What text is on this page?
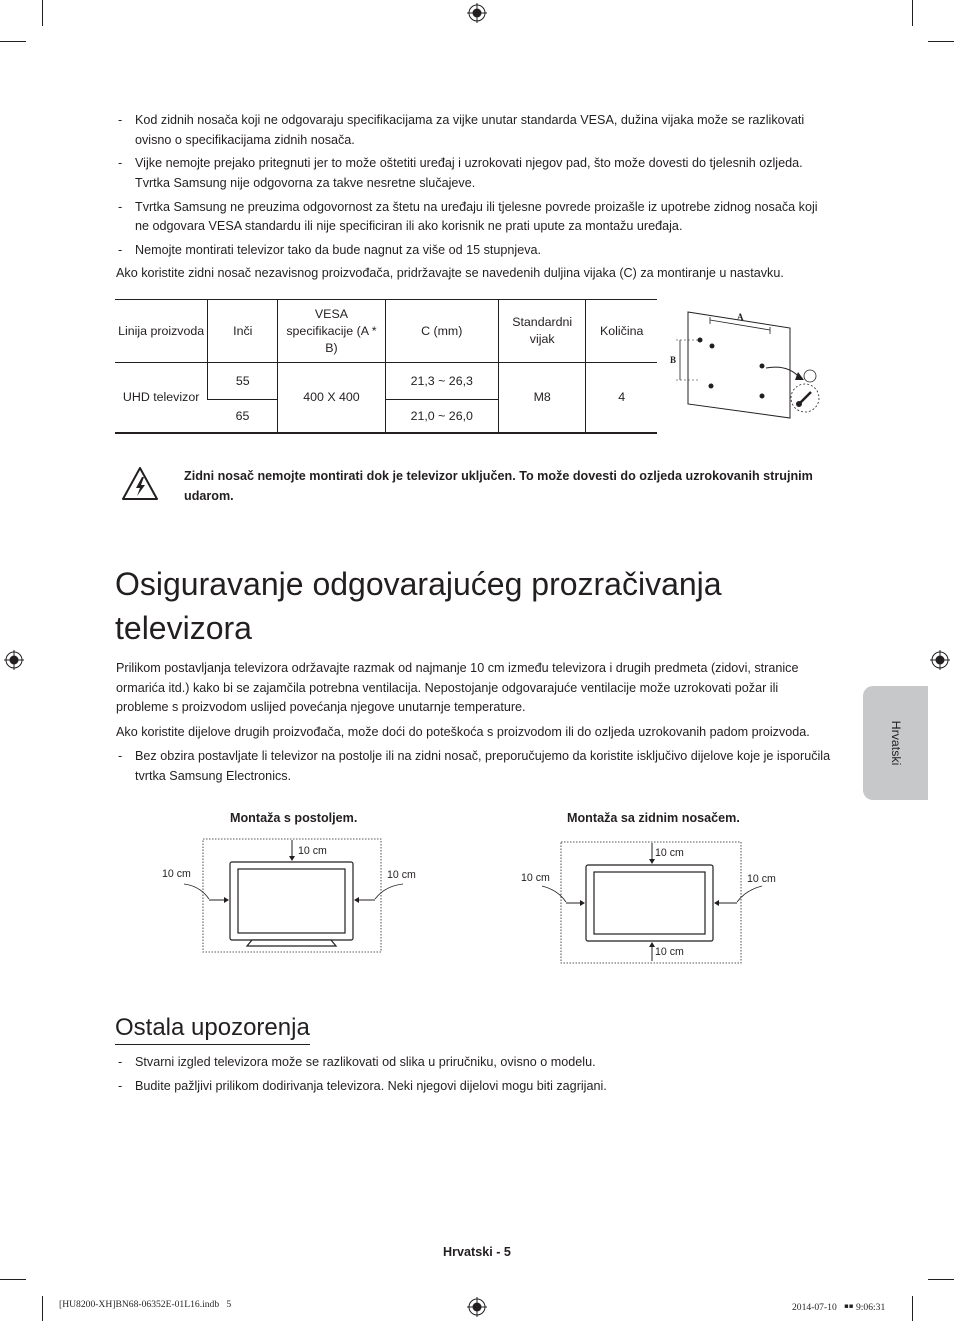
- Kod zidnih nosača koji ne odgovaraju specifikacijama za vijke unutar standarda VESA, dužina vijaka može se razlikovati ovisno o specifikacijama zidnih nosača.
- Vijke nemojte prejako pritegnuti jer to može oštetiti uređaj i uzrokovati njegov pad, što može dovesti do tjelesnih ozljeda. Tvrtka Samsung nije odgovorna za takve nesretne slučajeve.
- Tvrtka Samsung ne preuzima odgovornost za štetu na uređaju ili tjelesne povrede proizašle iz upotrebe zidnog nosača koji ne odgovara VESA standardu ili nije specificiran ili ako korisnik ne prati upute za montažu uređaja.
- Nemojte montirati televizor tako da bude nagnut za više od 15 stupnjeva.

Ako koristite zidni nosač nezavisnog proizvođača, pridržavajte se navedenih duljina vijaka (C) za montiranje u nastavku.

Linija proizvoda	Inči	VESA specifikacije (A * B)	C (mm)	Standardni vijak	Količina
UHD televizor	55	400 X 400	21,3 ~ 26,3	M8	4
	65		21,0 ~ 26,0		
A
B
Zidni nosač nemojte montirati dok je televizor uključen. To može dovesti do ozljeda uzrokovanih strujnim udarom.
Osiguravanje odgovarajućeg prozračivanja televizora

Prilikom postavljanja televizora održavajte razmak od najmanje 10 cm između televizora i drugih predmeta (zidovi, stranice ormarića itd.) kako bi se zajamčila potrebna ventilacija. Nepostojanje odgovarajuće ventilacije može uzrokovati požar ili probleme s proizvodom uslijed povećanja njegove unutarnje temperature.

Ako koristite dijelove drugih proizvođača, može doći do poteškoća s proizvodom ili do ozljeda uzrokovanih padom proizvoda.

- Bez obzira postavljate li televizor na postolje ili na zidni nosač, preporučujemo da koristite isključivo dijelove koje je isporučila tvrtka Samsung Electronics.
Hrvatski
Montaža s postoljem.
10 cm
10 cm	10 cm
Montaža sa zidnim nosačem.
10 cm
10 cm	10 cm
10 cm
Ostala upozorenja
- Stvarni izgled televizora može se razlikovati od slika u priručniku, ovisno o modelu.
- Budite pažljivi prilikom dodirivanja televizora. Neki njegovi dijelovi mogu biti zagrijani.
Hrvatski - 5
[HU8200-XH]BN68-06352E-01L16.indb   5	2014-07-10   ￭￭ 9:06:31
